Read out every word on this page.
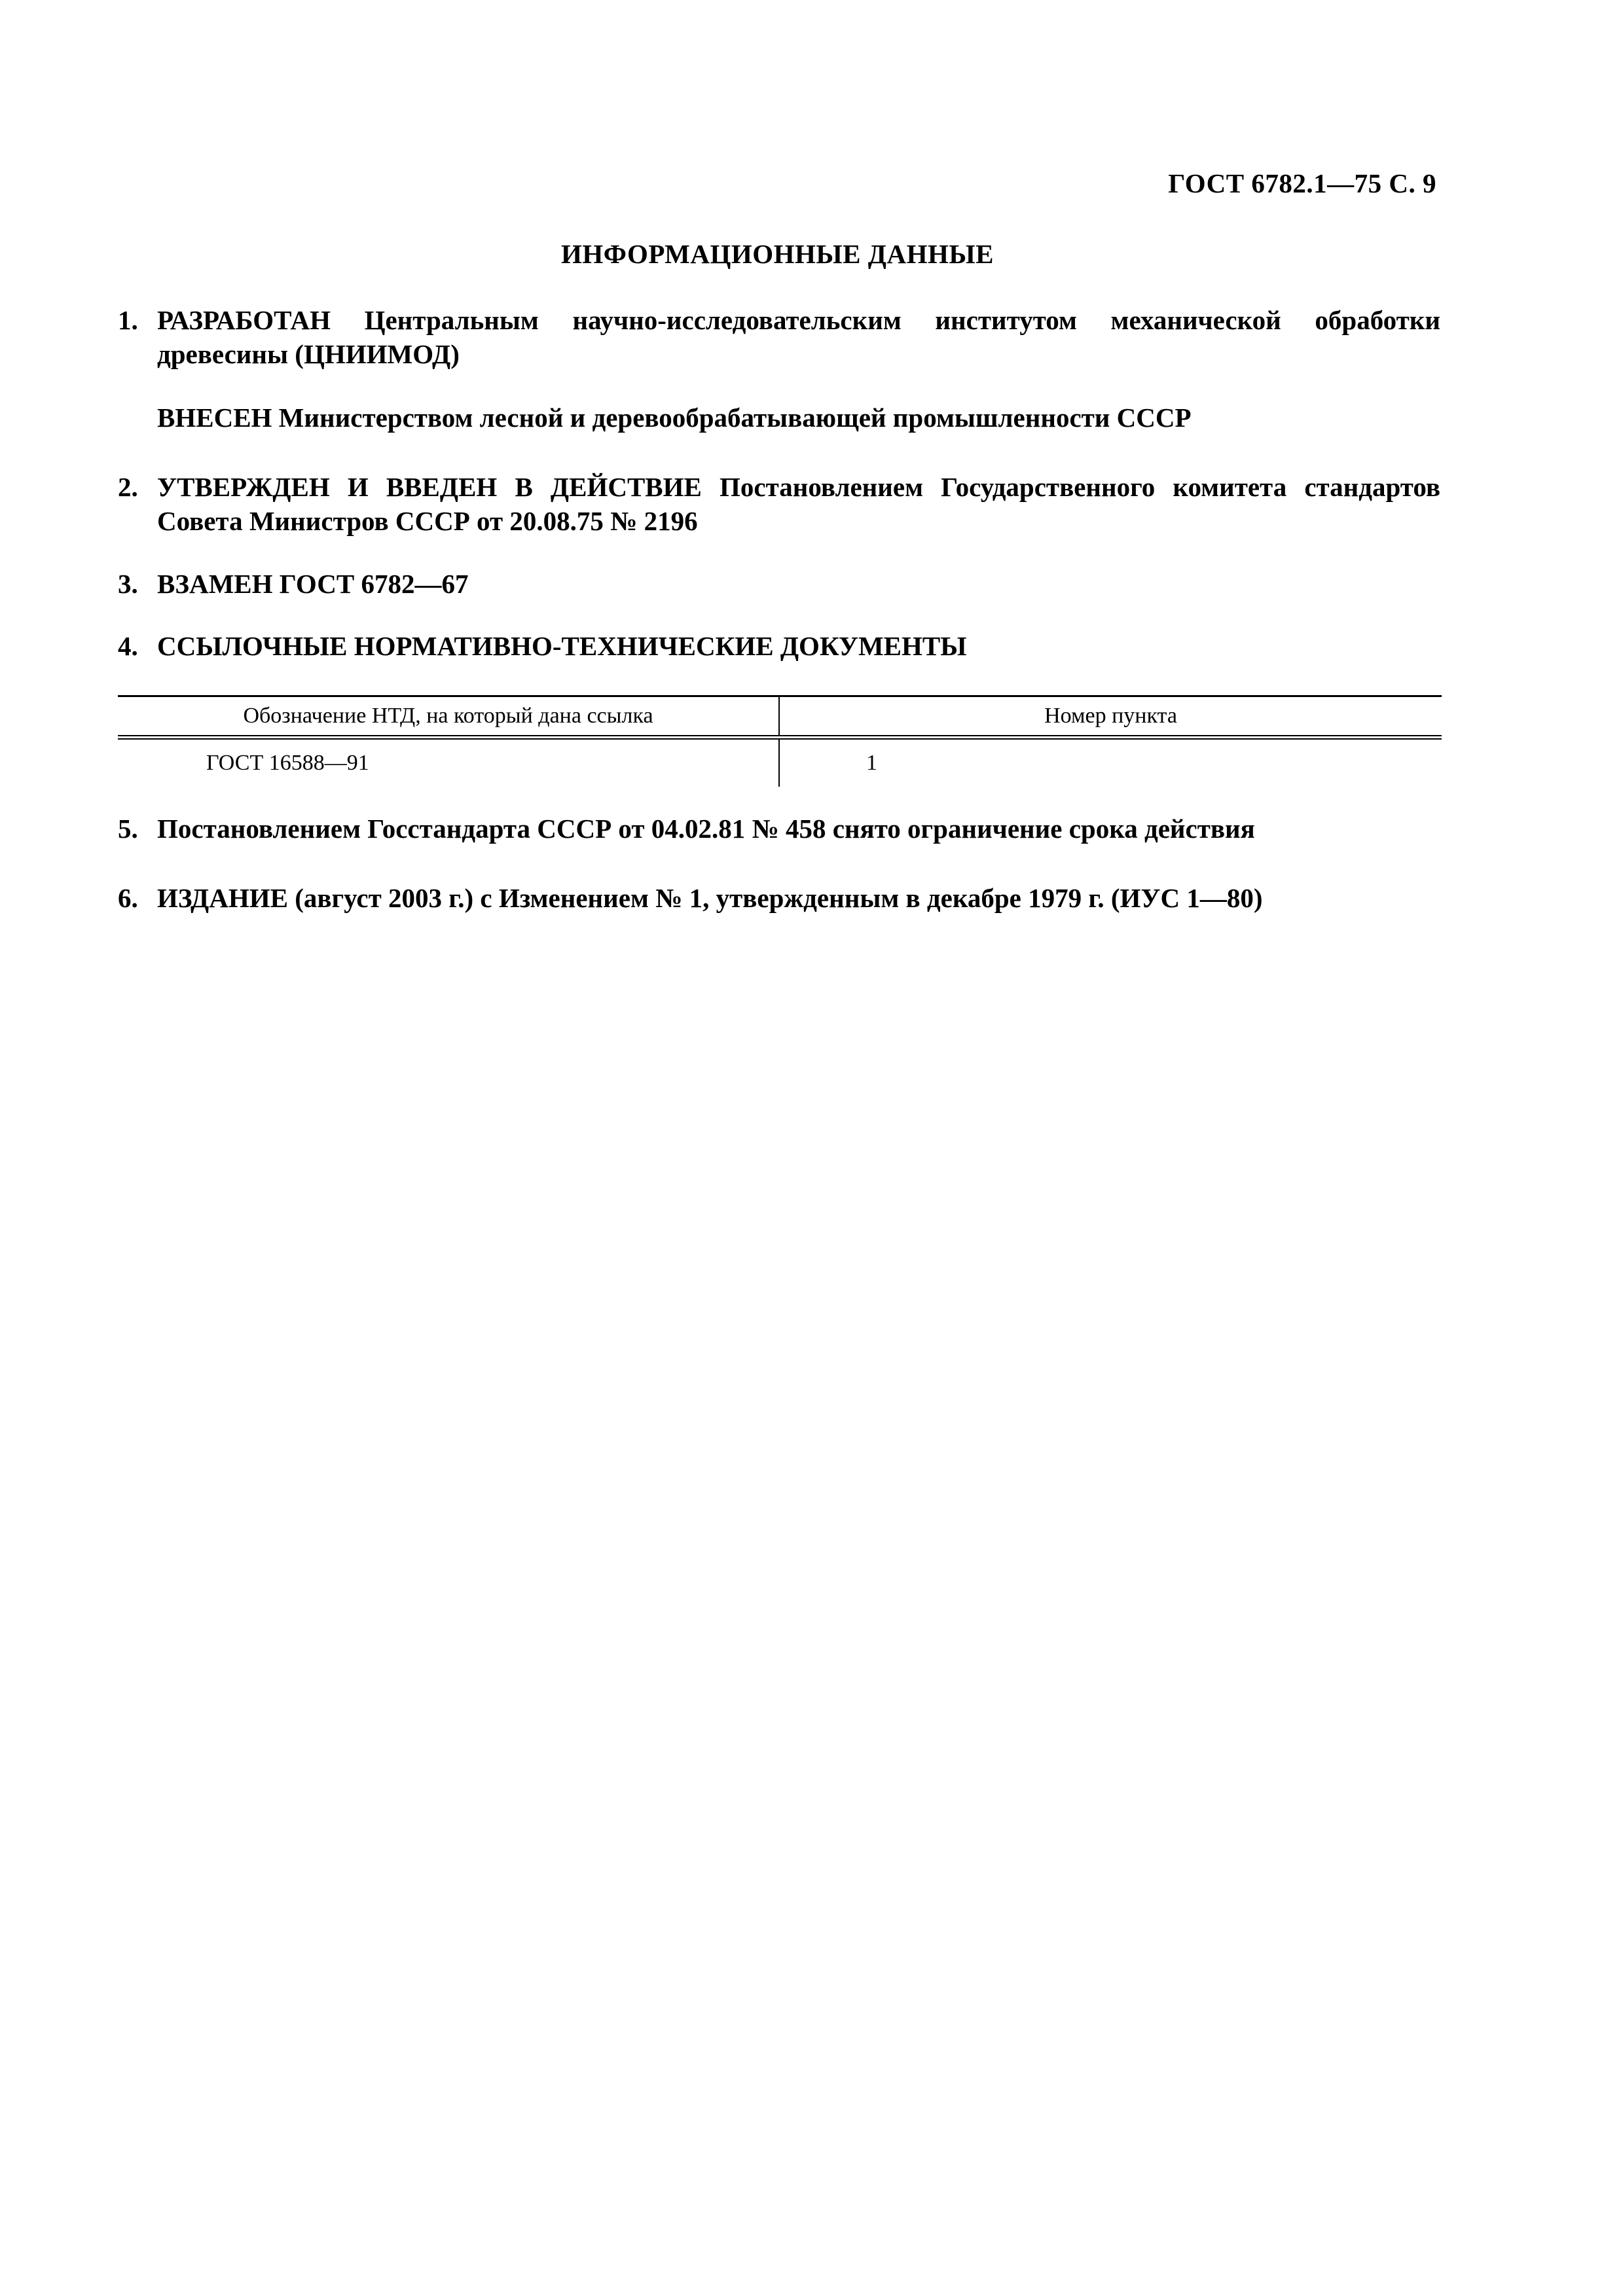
ГОСТ 6782.1—75 С. 9
ИНФОРМАЦИОННЫЕ ДАННЫЕ
1. РАЗРАБОТАН Центральным научно-исследовательским институтом механической обработки древесины (ЦНИИМОД)
ВНЕСЕН Министерством лесной и деревообрабатывающей промышленности СССР
2. УТВЕРЖДЕН И ВВЕДЕН В ДЕЙСТВИЕ Постановлением Государственного комитета стандартов Совета Министров СССР от 20.08.75 № 2196
3. ВЗАМЕН ГОСТ 6782—67
4. ССЫЛОЧНЫЕ НОРМАТИВНО-ТЕХНИЧЕСКИЕ ДОКУМЕНТЫ
Обозначение НТД, на который дана ссылка	Номер пункта
ГОСТ 16588—91	1
5. Постановлением Госстандарта СССР от 04.02.81 № 458 снято ограничение срока действия
6. ИЗДАНИЕ (август 2003 г.) с Изменением № 1, утвержденным в декабре 1979 г. (ИУС 1—80)
